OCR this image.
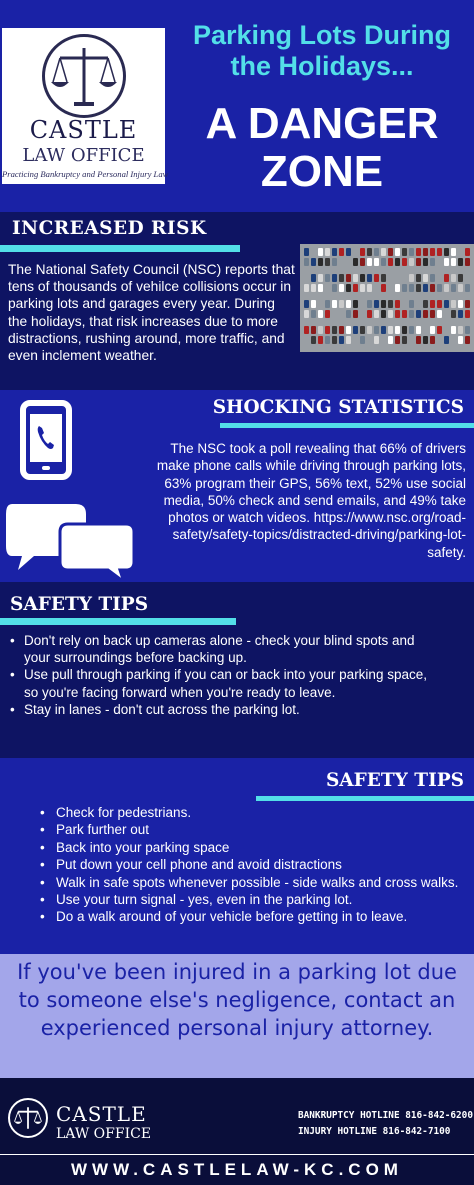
CASTLE
LAW OFFICE
Practicing Bankruptcy and Personal Injury Law
Parking Lots During
the Holidays...
A DANGER
ZONE
INCREASED RISK
The National Safety Council (NSC) reports that tens of thousands of vehilce collisions occur in parking lots and garages every year. During the holidays, that risk increases due to more distractions, rushing around, more traffic, and even inclement weather.
SHOCKING STATISTICS
The NSC took a poll revealing that 66% of drivers make phone calls while driving through parking lots, 63% program their GPS, 56% text, 52% use social media, 50% check and send emails, and 49% take photos or watch videos. https://www.nsc.org/road-safety/safety-topics/distracted-driving/parking-lot-safety.
SAFETY TIPS
• Don't rely on back up cameras alone - check your blind spots and your surroundings before backing up.
• Use pull through parking if you can or back into your parking space, so you're facing forward when you're ready to leave.
• Stay in lanes - don't cut across the parking lot.
SAFETY TIPS
• Check for pedestrians.
• Park further out
• Back into your parking space
• Put down your cell phone and avoid distractions
• Walk in safe spots whenever possible - side walks and cross walks.
• Use your turn signal - yes, even in the parking lot.
• Do a walk around of your vehicle before getting in to leave.
If you've been injured in a parking lot due to someone else's negligence, contact an experienced personal injury attorney.
CASTLE
LAW OFFICE
BANKRUPTCY HOTLINE 816-842-6200
INJURY HOTLINE 816-842-7100
WWW.CASTLELAW-KC.COM
